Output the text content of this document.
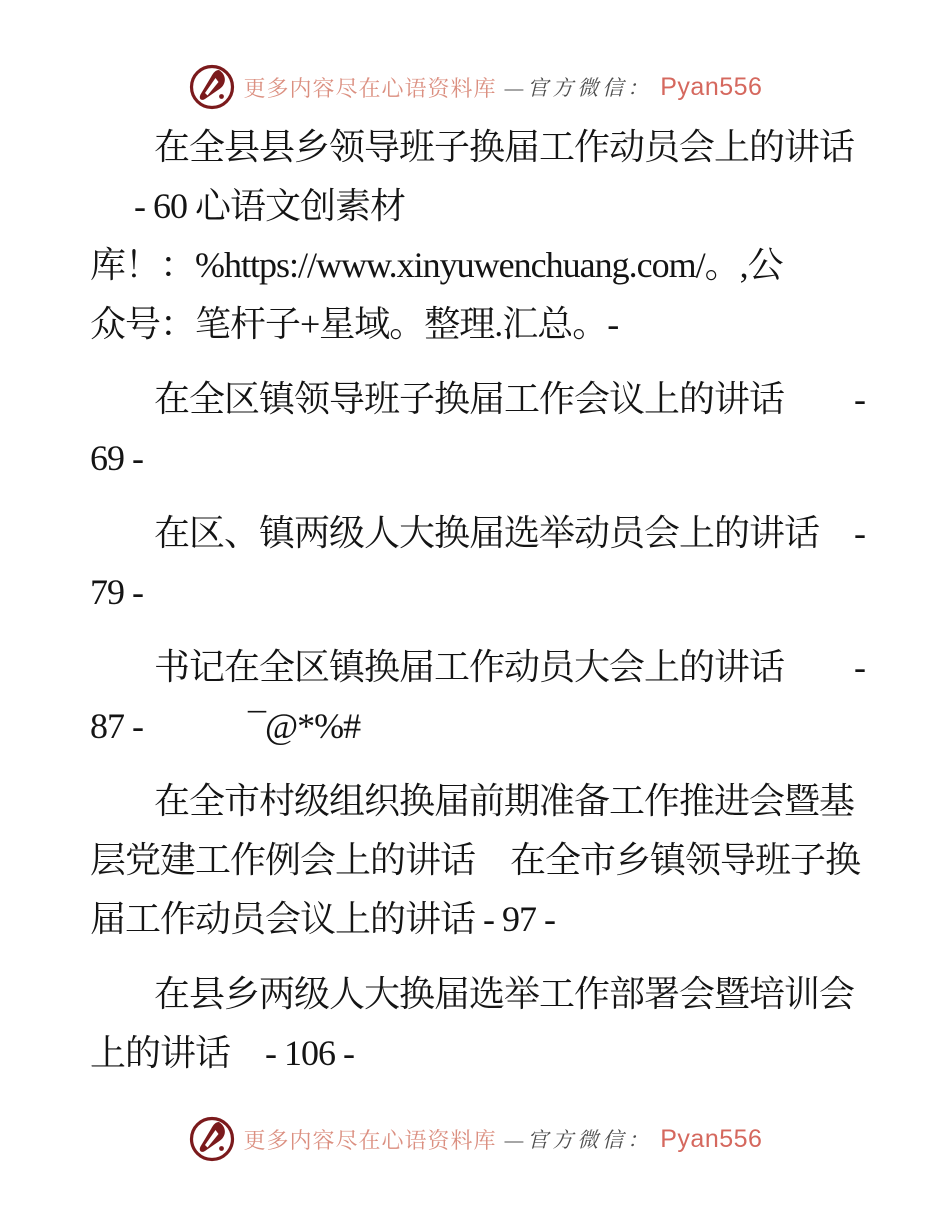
更多内容尽在心语资料库 —官方微信： Pyan556
在全县县乡领导班子换届工作动员会上的讲话
- 60 心语文创素材
库！：%https://www.xinyuwenchuang.com/。,公
众号：笔杆子+星域。整理.汇总。-
在全区镇领导班子换届工作会议上的讲话　　-
69 -
在区、镇两级人大换届选举动员会上的讲话　-
79 -
书记在全区镇换届工作动员大会上的讲话　　-
87 -　　　¯@*%#
在全市村级组织换届前期准备工作推进会暨基
层党建工作例会上的讲话　在全市乡镇领导班子换
届工作动员会议上的讲话 - 97 -
在县乡两级人大换届选举工作部署会暨培训会
上的讲话　- 106 -
更多内容尽在心语资料库 —官方微信： Pyan556
